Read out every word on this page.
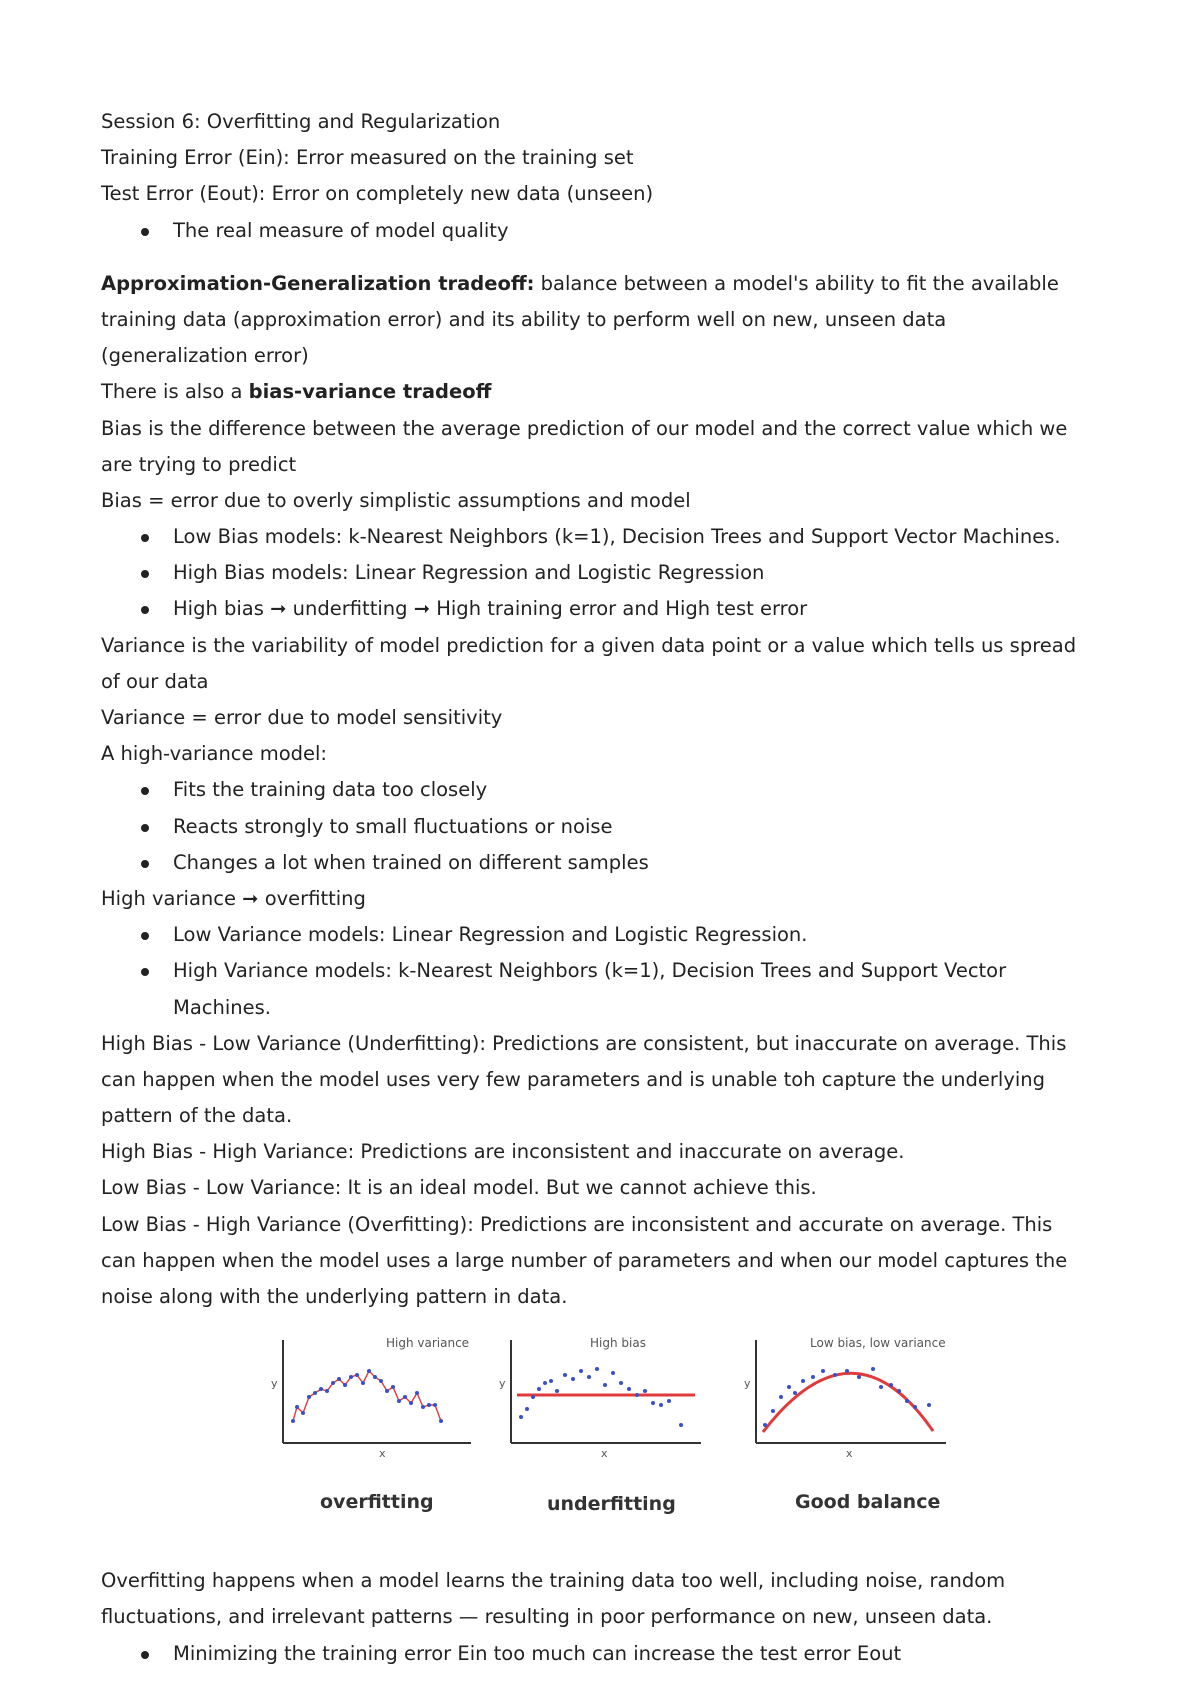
Session 6: Overfitting and Regularization
Training Error (Ein): Error measured on the training set
Test Error (Eout): Error on completely new data (unseen)
The real measure of model quality
Approximation-Generalization tradeoff: balance between a model's ability to fit the available
training data (approximation error) and its ability to perform well on new, unseen data
(generalization error)
There is also a bias-variance tradeoff
Bias is the difference between the average prediction of our model and the correct value which we
are trying to predict
Bias = error due to overly simplistic assumptions and model
Low Bias models: k-Nearest Neighbors (k=1), Decision Trees and Support Vector Machines.
High Bias models: Linear Regression and Logistic Regression
High bias ➞ underfitting ➞ High training error and High test error
Variance is the variability of model prediction for a given data point or a value which tells us spread
of our data
Variance = error due to model sensitivity
A high-variance model:
Fits the training data too closely
Reacts strongly to small fluctuations or noise
Changes a lot when trained on different samples
High variance ➞ overfitting
Low Variance models: Linear Regression and Logistic Regression.
High Variance models: k-Nearest Neighbors (k=1), Decision Trees and Support Vector
Machines.
High Bias - Low Variance (Underfitting): Predictions are consistent, but inaccurate on average. This
can happen when the model uses very few parameters and is unable toh capture the underlying
pattern of the data.
High Bias - High Variance: Predictions are inconsistent and inaccurate on average.
Low Bias - Low Variance: It is an ideal model. But we cannot achieve this.
Low Bias - High Variance (Overfitting): Predictions are inconsistent and accurate on average. This
can happen when the model uses a large number of parameters and when our model captures the
noise along with the underlying pattern in data.
High variance
y
x
overfitting
High bias
y
x
underfitting
Low bias, low variance
y
x
Good balance
Overfitting happens when a model learns the training data too well, including noise, random
fluctuations, and irrelevant patterns — resulting in poor performance on new, unseen data.
Minimizing the training error Ein too much can increase the test error Eout
